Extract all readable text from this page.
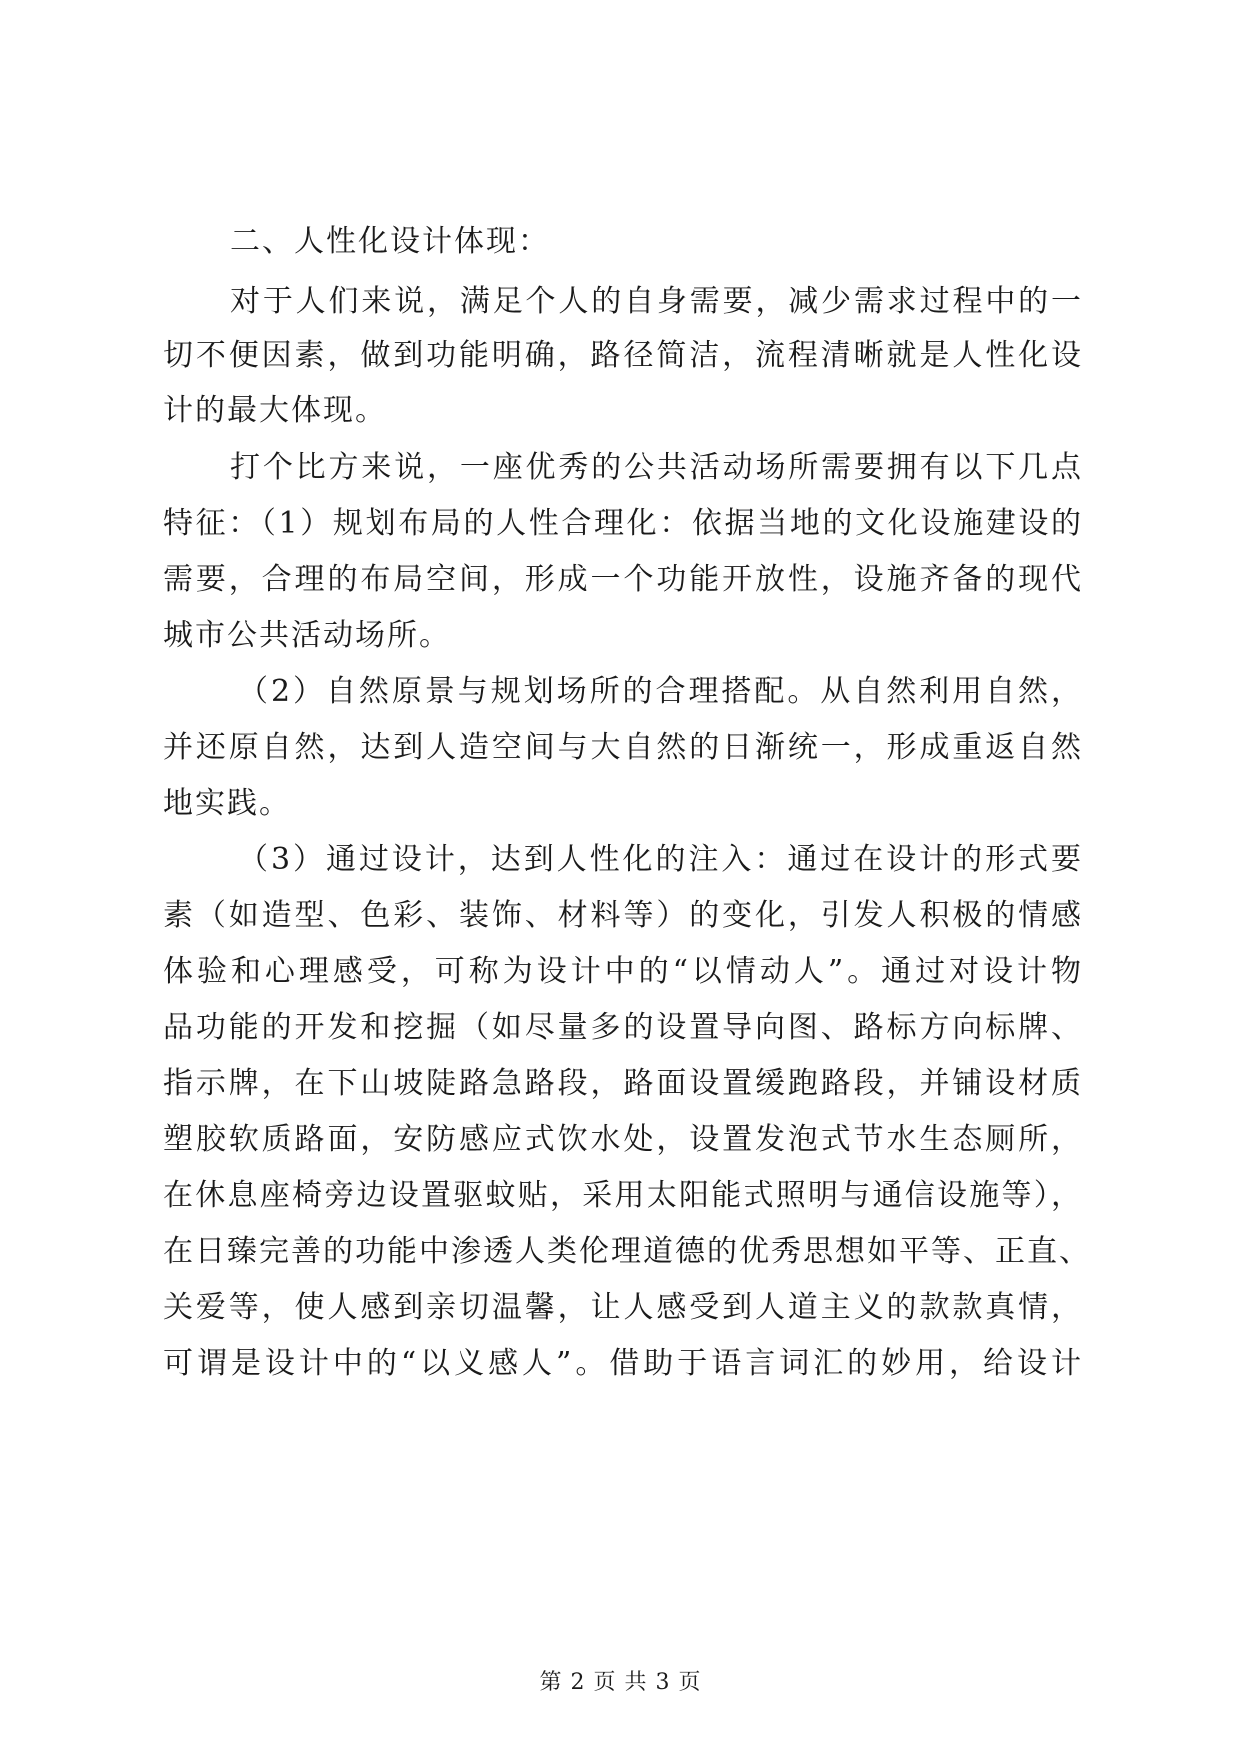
二、人性化设计体现：

对于人们来说，满足个人的自身需要，减少需求过程中的一

切不便因素，做到功能明确，路径简洁，流程清晰就是人性化设

计的最大体现。

打个比方来说，一座优秀的公共活动场所需要拥有以下几点

特征：（1）规划布局的人性合理化：依据当地的文化设施建设的

需要，合理的布局空间，形成一个功能开放性，设施齐备的现代

城市公共活动场所。

（2）自然原景与规划场所的合理搭配。从自然利用自然，

并还原自然，达到人造空间与大自然的日渐统一，形成重返自然

地实践。

（3）通过设计，达到人性化的注入：通过在设计的形式要

素（如造型、色彩、装饰、材料等）的变化，引发人积极的情感

体验和心理感受，可称为设计中的“以情动人”。通过对设计物

品功能的开发和挖掘（如尽量多的设置导向图、路标方向标牌、

指示牌，在下山坡陡路急路段，路面设置缓跑路段，并铺设材质

塑胶软质路面，安防感应式饮水处，设置发泡式节水生态厕所，

在休息座椅旁边设置驱蚊贴，采用太阳能式照明与通信设施等），

在日臻完善的功能中渗透人类伦理道德的优秀思想如平等、正直、

关爱等，使人感到亲切温馨，让人感受到人道主义的款款真情，

可谓是设计中的“以义感人”。借助于语言词汇的妙用，给设计

第 2 页 共 3 页
